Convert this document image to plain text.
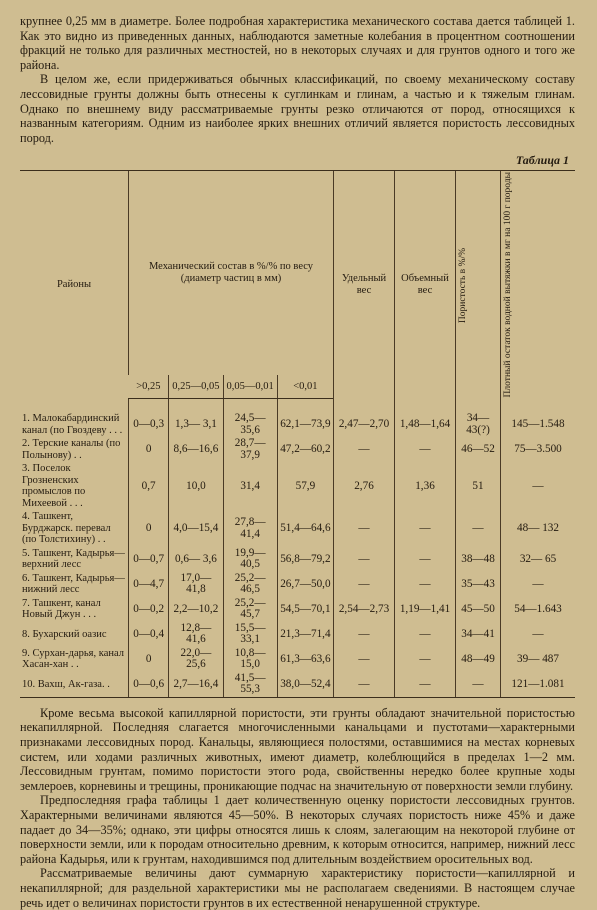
крупнее 0,25 мм в диаметре. Более подробная характеристика механического состава дается таблицей 1. Как это видно из приведенных данных, наблюдаются заметные колебания в процентном соотношении фракций не только для различных местностей, но в некоторых случаях и для грунтов одного и того же района.

В целом же, если придерживаться обычных классификаций, по своему механическому составу лессовидные грунты должны быть отнесены к суглинкам и глинам, а частью и к тяжелым глинам. Однако по внешнему виду рассматриваемые грунты резко отличаются от пород, относящихся к названным категориям. Одним из наиболее ярких внешних отличий является пористость лессовидных пород.

Таблица 1
Районы	Механический состав в %/% по весу (диаметр частиц в мм)				Удельный вес	Объемный вес	Пористость в %/%	Плотный остаток водной вытяжки в мг на 100 г породы

	>0,25	0,25—0,05	0,05—0,01	<0,01				
1. Малокабардинский канал (по Гвоздеву . . .	0—0,3	1,3— 3,1	24,5—35,6	62,1—73,9	2,47—2,70	1,48—1,64	34—43(?)	145—1.548
2. Терские каналы (по Полынову) . .	0	8,6—16,6	28,7—37,9	47,2—60,2	—	—	46—52	75—3.500
3. Поселок Грозненских промыслов по Михеевой . . .	0,7	10,0	31,4	57,9	2,76	1,36	51	—
4. Ташкент, Бурджарск. перевал (по Толстихину) . .	0	4,0—15,4	27,8—41,4	51,4—64,6	—	—	—	48— 132
5. Ташкент, Кадырья—верхний лесс	0—0,7	0,6— 3,6	19,9—40,5	56,8—79,2	—	—	38—48	32— 65
6. Ташкент, Кадырья—нижний лесс	0—4,7	17,0—41,8	25,2—46,5	26,7—50,0	—	—	35—43	—
7. Ташкент, канал Новый Джун . . .	0—0,2	2,2—10,2	25,2—45,7	54,5—70,1	2,54—2,73	1,19—1,41	45—50	54—1.643
8. Бухарский оазис	0—0,4	12,8—41,6	15,5—33,1	21,3—71,4	—	—	34—41	—
9. Сурхан-дарья, канал Хасан-хан . .	0	22,0—25,6	10,8—15,0	61,3—63,6	—	—	48—49	39— 487
10. Вахш, Ак-газа. .	0—0,6	2,7—16,4	41,5—55,3	38,0—52,4	—	—	—	121—1.081

Кроме весьма высокой капиллярной пористости, эти грунты обладают значительной пористостью некапиллярной. Последняя слагается многочисленными канальцами и пустотами—характерными признаками лессовидных пород. Канальцы, являющиеся полостями, оставшимися на местах корневых систем, или ходами различных животных, имеют диаметр, колеблющийся в пределах 1—2 мм. Лессовидным грунтам, помимо пористости этого рода, свойственны нередко более крупные ходы землероев, корневины и трещины, проникающие подчас на значительную от поверхности земли глубину.

Предпоследняя графа таблицы 1 дает количественную оценку пористости лессовидных грунтов. Характерными величинами являются 45—50%. В некоторых случаях пористость ниже 45% и даже падает до 34—35%; однако, эти цифры относятся лишь к слоям, залегающим на некоторой глубине от поверхности земли, или к породам относительно древним, к которым относится, например, нижний лесс района Кадырья, или к грунтам, находившимся под длительным воздействием оросительных вод.

Рассматриваемые величины дают суммарную характеристику пористости—капиллярной и некапиллярной; для раздельной характеристики мы не располагаем сведениями. В настоящем случае речь идет о величинах пористости грунтов в их естественной ненарушенной структуре.
